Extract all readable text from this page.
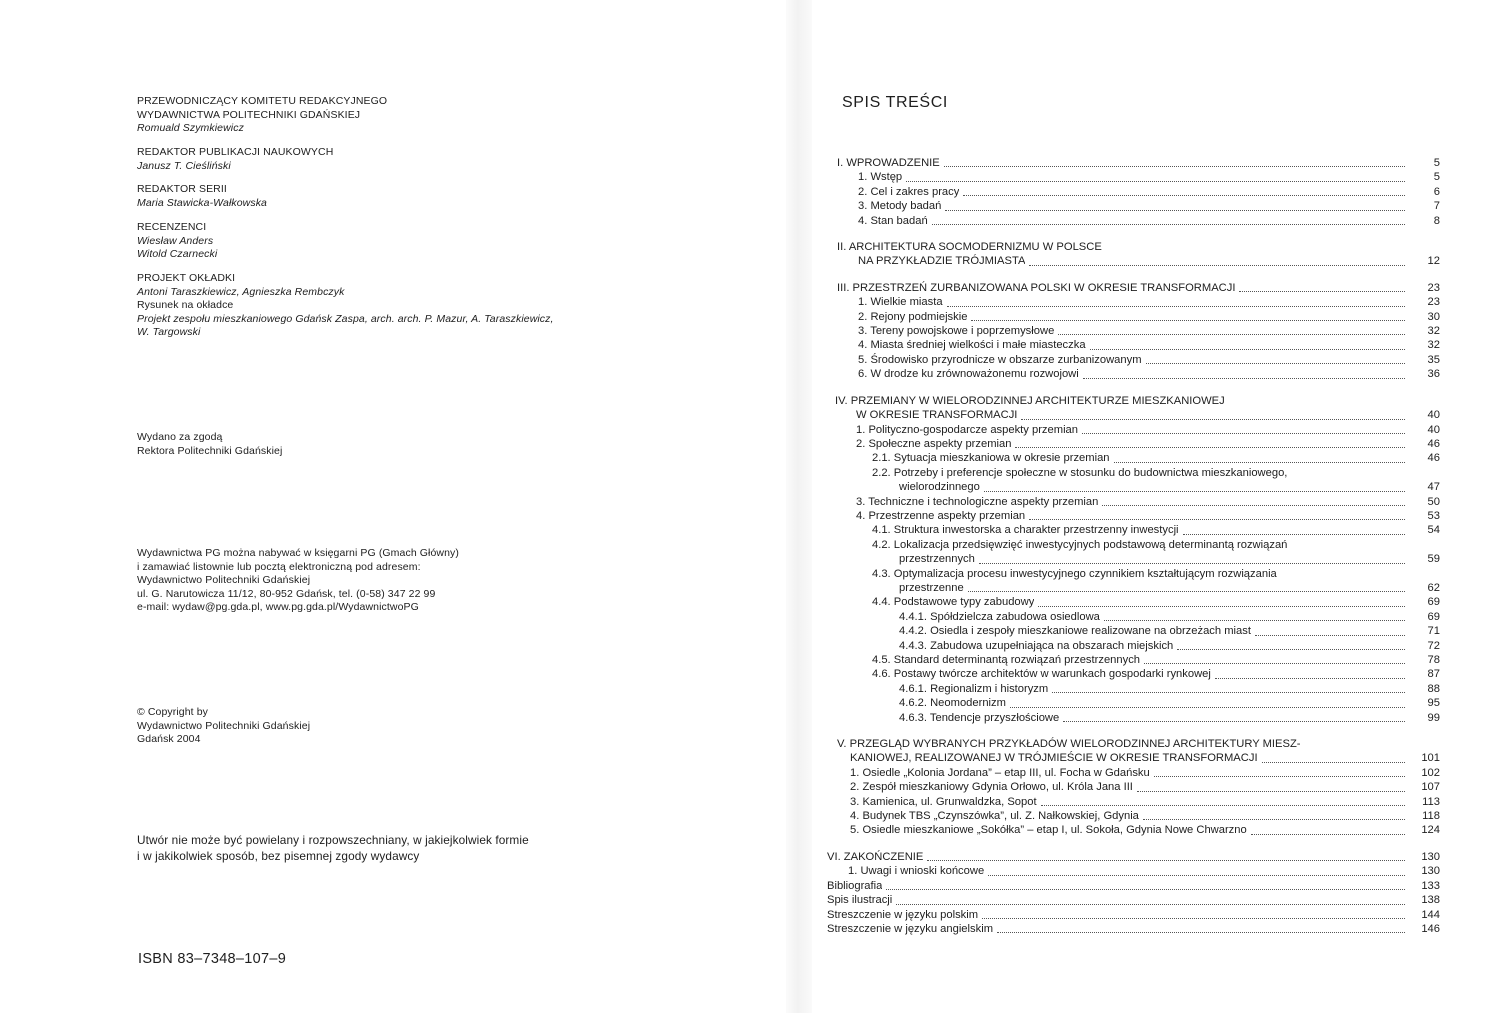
PRZEWODNICZĄCY KOMITETU REDAKCYJNEGO
WYDAWNICTWA POLITECHNIKI GDAŃSKIEJ
Romuald Szymkiewicz
REDAKTOR PUBLIKACJI NAUKOWYCH
Janusz T. Cieśliński
REDAKTOR SERII
Maria Stawicka-Wałkowska
RECENZENCI
Wiesław Anders
Witold Czarnecki
PROJEKT OKŁADKI
Antoni Taraszkiewicz, Agnieszka Rembczyk
Rysunek na okładce
Projekt zespołu mieszkaniowego Gdańsk Zaspa, arch. arch. P. Mazur, A. Taraszkiewicz,
W. Targowski
Wydano za zgodą
Rektora Politechniki Gdańskiej
Wydawnictwa PG można nabywać w księgarni PG (Gmach Główny)
i zamawiać listownie lub pocztą elektroniczną pod adresem:
Wydawnictwo Politechniki Gdańskiej
ul. G. Narutowicza 11/12, 80-952 Gdańsk, tel. (0-58) 347 22 99
e-mail: wydaw@pg.gda.pl, www.pg.gda.pl/WydawnictwoPG
© Copyright by
Wydawnictwo Politechniki Gdańskiej
Gdańsk 2004
Utwór nie może być powielany i rozpowszechniany, w jakiejkolwiek formie
i w jakikolwiek sposób, bez pisemnej zgody wydawcy
ISBN 83–7348–107–9
SPIS TREŚCI
I. WPROWADZENIE	5
1. Wstęp	5
2. Cel i zakres pracy	6
3. Metody badań	7
4. Stan badań	8
II. ARCHITEKTURA SOCMODERNIZMU W POLSCE
NA PRZYKŁADZIE TRÓJMIASTA	12
III. PRZESTRZEŃ ZURBANIZOWANA POLSKI W OKRESIE TRANSFORMACJI	23
1. Wielkie miasta	23
2. Rejony podmiejskie	30
3. Tereny powojskowe i poprzemysłowe	32
4. Miasta średniej wielkości i małe miasteczka	32
5. Środowisko przyrodnicze w obszarze zurbanizowanym	35
6. W drodze ku zrównoważonemu rozwojowi	36
IV. PRZEMIANY W WIELORODZINNEJ ARCHITEKTURZE MIESZKANIOWEJ
W OKRESIE TRANSFORMACJI	40
1. Polityczno-gospodarcze aspekty przemian	40
2. Społeczne aspekty przemian	46
2.1. Sytuacja mieszkaniowa w okresie przemian	46
2.2. Potrzeby i preferencje społeczne w stosunku do budownictwa mieszkaniowego,
wielorodzinnego	47
3. Techniczne i technologiczne aspekty przemian	50
4. Przestrzenne aspekty przemian	53
4.1. Struktura inwestorska a charakter przestrzenny inwestycji	54
4.2. Lokalizacja przedsięwzięć inwestycyjnych podstawową determinantą rozwiązań
przestrzennych	59
4.3. Optymalizacja procesu inwestycyjnego czynnikiem kształtującym rozwiązania
przestrzenne	62
4.4. Podstawowe typy zabudowy	69
4.4.1. Spółdzielcza zabudowa osiedlowa	69
4.4.2. Osiedla i zespoły mieszkaniowe realizowane na obrzeżach miast	71
4.4.3. Zabudowa uzupełniająca na obszarach miejskich	72
4.5. Standard determinantą rozwiązań przestrzennych	78
4.6. Postawy twórcze architektów w warunkach gospodarki rynkowej	87
4.6.1. Regionalizm i historyzm	88
4.6.2. Neomodernizm	95
4.6.3. Tendencje przyszłościowe	99
V. PRZEGLĄD WYBRANYCH PRZYKŁADÓW WIELORODZINNEJ ARCHITEKTURY MIESZ-
KANIOWEJ, REALIZOWANEJ W TRÓJMIEŚCIE W OKRESIE TRANSFORMACJI	101
1. Osiedle „Kolonia Jordana” – etap III, ul. Focha w Gdańsku	102
2. Zespół mieszkaniowy Gdynia Orłowo, ul. Króla Jana III	107
3. Kamienica, ul. Grunwaldzka, Sopot	113
4. Budynek TBS „Czynszówka”, ul. Z. Nałkowskiej, Gdynia	118
5. Osiedle mieszkaniowe „Sokółka” – etap I, ul. Sokoła, Gdynia Nowe Chwarzno	124
VI. ZAKOŃCZENIE	130
1. Uwagi i wnioski końcowe	130
Bibliografia	133
Spis ilustracji	138
Streszczenie w języku polskim	144
Streszczenie w języku angielskim	146
